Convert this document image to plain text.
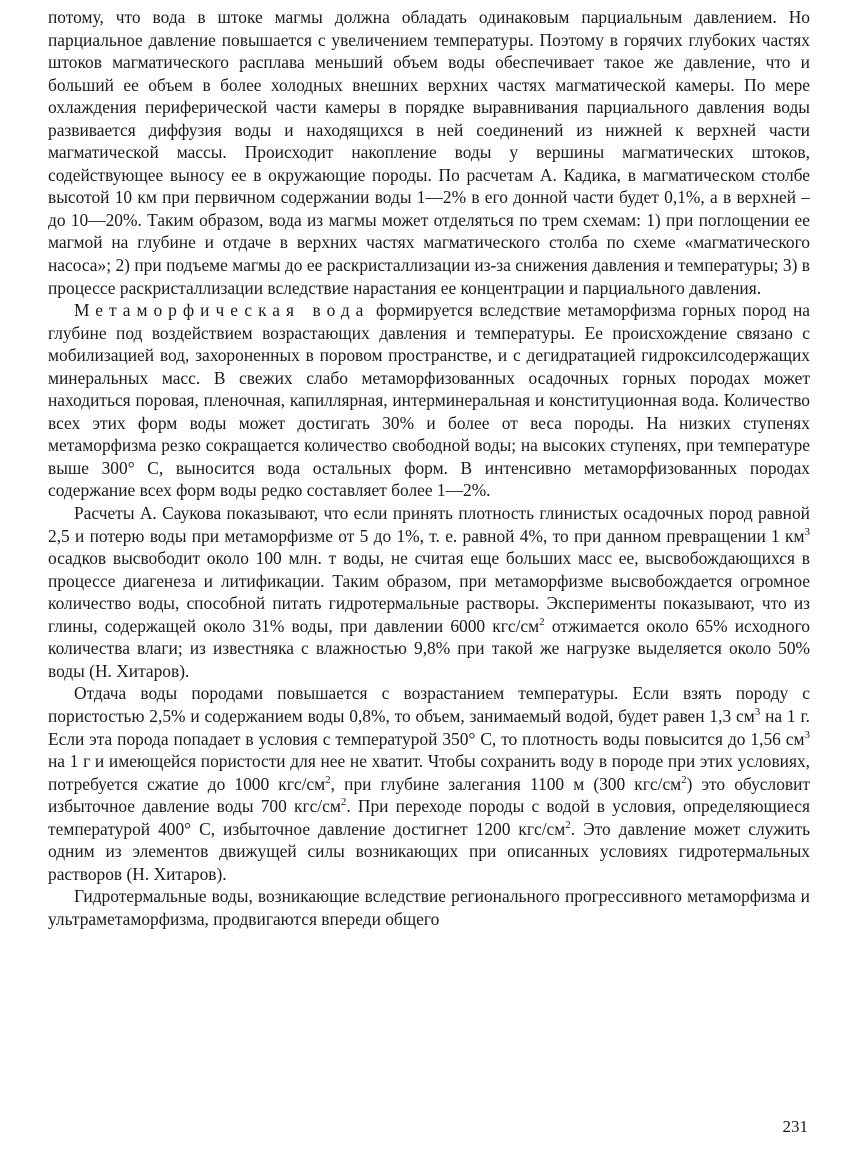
потому, что вода в штоке магмы должна обладать одинаковым парциальным давлением. Но парциальное давление повышается с увеличением температуры. Поэтому в горячих глубоких частях штоков магматического расплава меньший объем воды обеспечивает такое же давление, что и больший ее объем в более холодных внешних верхних частях магматической камеры. По мере охлаждения периферической части камеры в порядке выравнивания парциального давления воды развивается диффузия воды и находящихся в ней соединений из нижней к верхней части магматической массы. Происходит накопление воды у вершины магматических штоков, содействующее выносу ее в окружающие породы. По расчетам А. Кадика, в магматическом столбе высотой 10 км при первичном содержании воды 1—2% в его донной части будет 0,1%, а в верхней – до 10—20%. Таким образом, вода из магмы может отделяться по трем схемам: 1) при поглощении ее магмой на глубине и отдаче в верхних частях магматического столба по схеме «магматического насоса»; 2) при подъеме магмы до ее раскристаллизации из-за снижения давления и температуры; 3) в процессе раскристаллизации вследствие нарастания ее концентрации и парциального давления.

Метаморфическая вода формируется вследствие метаморфизма горных пород на глубине под воздействием возрастающих давления и температуры. Ее происхождение связано с мобилизацией вод, захороненных в поровом пространстве, и с дегидратацией гидроксилсодержащих минеральных масс. В свежих слабо метаморфизованных осадочных горных породах может находиться поровая, пленочная, капиллярная, интерминеральная и конституционная вода. Количество всех этих форм воды может достигать 30% и более от веса породы. На низких ступенях метаморфизма резко сокращается количество свободной воды; на высоких ступенях, при температуре выше 300° С, выносится вода остальных форм. В интенсивно метаморфизованных породах содержание всех форм воды редко составляет более 1—2%.

Расчеты А. Саукова показывают, что если принять плотность глинистых осадочных пород равной 2,5 и потерю воды при метаморфизме от 5 до 1%, т. е. равной 4%, то при данном превращении 1 $км^3$ осадков высвободит около 100 млн. т воды, не считая еще больших масс ее, высвобождающихся в процессе диагенеза и литификации. Таким образом, при метаморфизме высвобождается огромное количество воды, способной питать гидротермальные растворы. Эксперименты показывают, что из глины, содержащей около 31% воды, при давлении 6000 кгс/$см^2$ отжимается около 65% исходного количества влаги; из известняка с влажностью 9,8% при такой же нагрузке выделяется около 50% воды (Н. Хитаров).

Отдача воды породами повышается с возрастанием температуры. Если взять породу с пористостью 2,5% и содержанием воды 0,8%, то объем, занимаемый водой, будет равен 1,3 $см^3$ на 1 г. Если эта порода попадает в условия с температурой 350° С, то плотность воды повысится до 1,56 $см^3$ на 1 г и имеющейся пористости для нее не хватит. Чтобы сохранить воду в породе при этих условиях, потребуется сжатие до 1000 кгс/$см^2$, при глубине залегания 1100 м (300 кгс/$см^2$) это обусловит избыточное давление воды 700 кгс/$см^2$. При переходе породы с водой в условия, определяющиеся температурой 400° С, избыточное давление достигнет 1200 кгс/$см^2$. Это давление может служить одним из элементов движущей силы возникающих при описанных условиях гидротермальных растворов (Н. Хитаров).

Гидротермальные воды, возникающие вследствие регионального прогрессивного метаморфизма и ультраметаморфизма, продвигаются впереди общего

231
